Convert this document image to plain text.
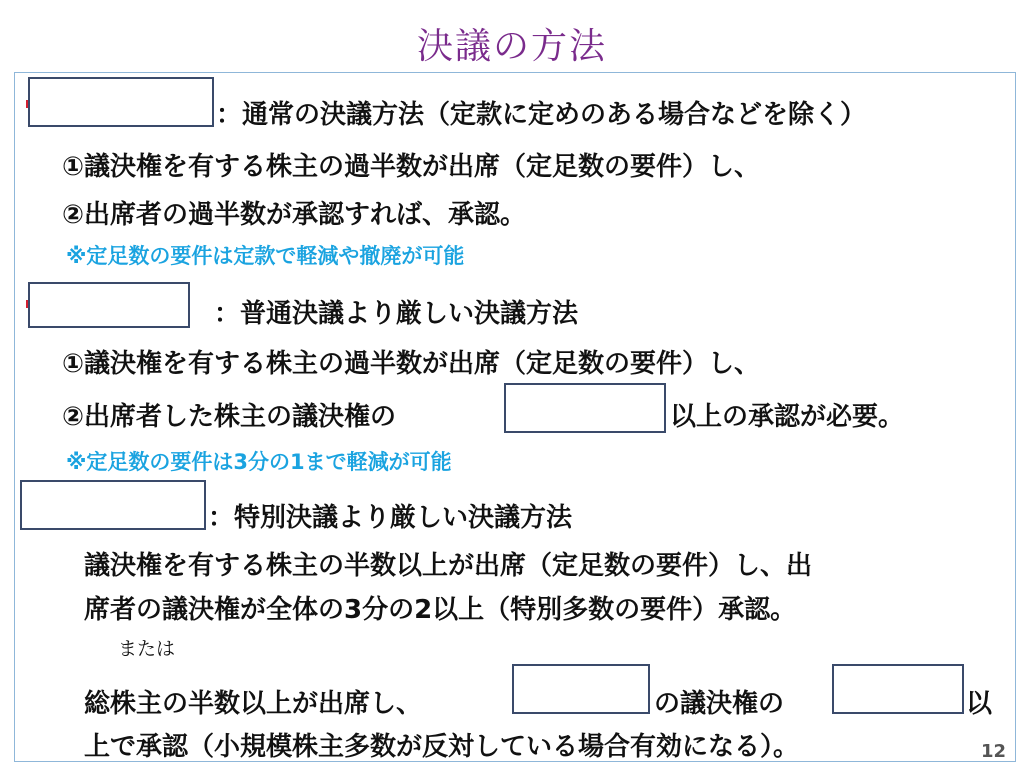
決議の方法
：通常の決議方法（定款に定めのある場合などを除く）
①議決権を有する株主の過半数が出席（定足数の要件）し、
②出席者の過半数が承認すれば、承認。
※定足数の要件は定款で軽減や撤廃が可能
：普通決議より厳しい決議方法
①議決権を有する株主の過半数が出席（定足数の要件）し、
②出席者した株主の議決権の	以上の承認が必要。
※定足数の要件は3分の1まで軽減が可能
：特別決議より厳しい決議方法
議決権を有する株主の半数以上が出席（定足数の要件）し、出
席者の議決権が全体の3分の2以上（特別多数の要件）承認。
または
総株主の半数以上が出席し、	の議決権の	以
上で承認（小規模株主多数が反対している場合有効になる）。	12
